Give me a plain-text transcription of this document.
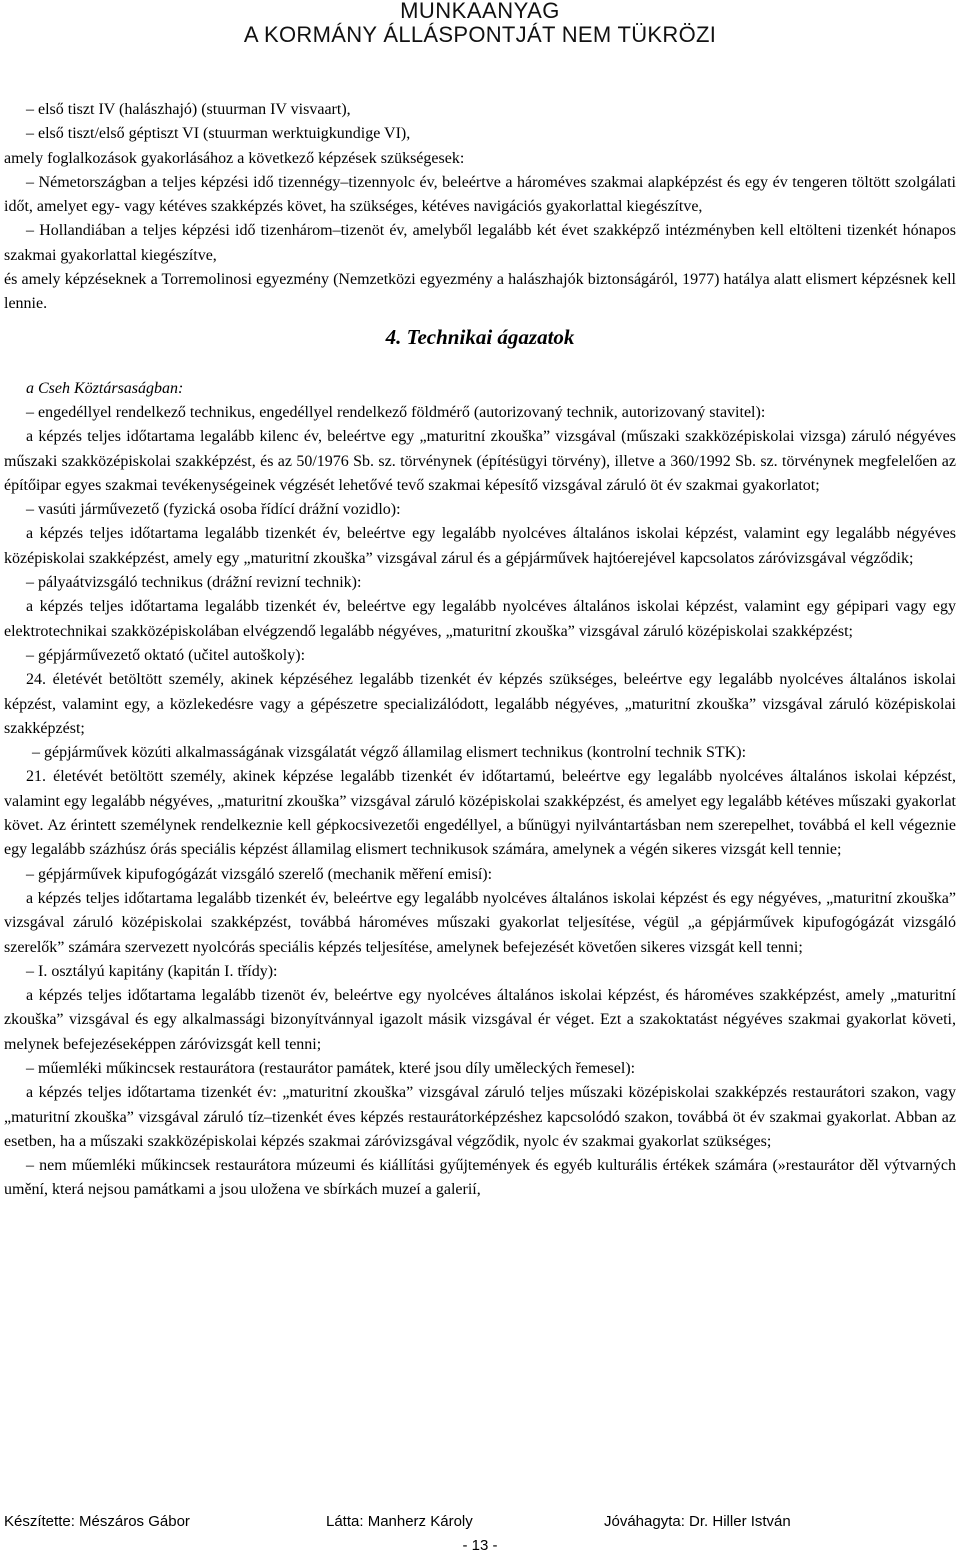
MUNKAANYAG
A KORMÁNY ÁLLÁSPONTJÁT NEM TÜKRÖZI

– első tiszt IV (halászhajó) (stuurman IV visvaart),

– első tiszt/első géptiszt VI (stuurman werktuigkundige VI),

amely foglalkozások gyakorlásához a következő képzések szükségesek:

– Németországban a teljes képzési idő tizennégy–tizennyolc év, beleértve a hároméves szakmai alapképzést és egy év tengeren töltött szolgálati időt, amelyet egy- vagy kétéves szakképzés követ, ha szükséges, kétéves navigációs gyakorlattal kiegészítve,

– Hollandiában a teljes képzési idő tizenhárom–tizenöt év, amelyből legalább két évet szakképző intézményben kell eltölteni tizenkét hónapos szakmai gyakorlattal kiegészítve,

és amely képzéseknek a Torremolinosi egyezmény (Nemzetközi egyezmény a halászhajók biztonságáról, 1977) hatálya alatt elismert képzésnek kell lennie.

4. Technikai ágazatok
a Cseh Köztársaságban:

– engedéllyel rendelkező technikus, engedéllyel rendelkező földmérő (autorizovaný technik, autorizovaný stavitel):

a képzés teljes időtartama legalább kilenc év, beleértve egy „maturitní zkouška” vizsgával (műszaki szakközépiskolai vizsga) záruló négyéves műszaki szakközépiskolai szakképzést, és az 50/1976 Sb. sz. törvénynek (építésügyi törvény), illetve a 360/1992 Sb. sz. törvénynek megfelelően az építőipar egyes szakmai tevékenységeinek végzését lehetővé tevő szakmai képesítő vizsgával záruló öt év szakmai gyakorlatot;

– vasúti járművezető (fyzická osoba řídící drážní vozidlo):

a képzés teljes időtartama legalább tizenkét év, beleértve egy legalább nyolcéves általános iskolai képzést, valamint egy legalább négyéves középiskolai szakképzést, amely egy „maturitní zkouška” vizsgával zárul és a gépjárművek hajtóerejével kapcsolatos záróvizsgával végződik;

– pályaátvizsgáló technikus (drážní revizní technik):

a képzés teljes időtartama legalább tizenkét év, beleértve egy legalább nyolcéves általános iskolai képzést, valamint egy gépipari vagy egy elektrotechnikai szakközépiskolában elvégzendő legalább négyéves, „maturitní zkouška” vizsgával záruló középiskolai szakképzést;

– gépjárművezető oktató (učitel autoškoly):

24. életévét betöltött személy, akinek képzéséhez legalább tizenkét év képzés szükséges, beleértve egy legalább nyolcéves általános iskolai képzést, valamint egy, a közlekedésre vagy a gépészetre specializálódott, legalább négyéves, „maturitní zkouška” vizsgával záruló középiskolai szakképzést;

– gépjárművek közúti alkalmasságának vizsgálatát végző államilag elismert technikus (kontrolní technik STK):

21. életévét betöltött személy, akinek képzése legalább tizenkét év időtartamú, beleértve egy legalább nyolcéves általános iskolai képzést, valamint egy legalább négyéves, „maturitní zkouška” vizsgával záruló középiskolai szakképzést, és amelyet egy legalább kétéves műszaki gyakorlat követ. Az érintett személynek rendelkeznie kell gépkocsivezetői engedéllyel, a bűnügyi nyilvántartásban nem szerepelhet, továbbá el kell végeznie egy legalább százhúsz órás speciális képzést államilag elismert technikusok számára, amelynek a végén sikeres vizsgát kell tennie;

– gépjárművek kipufogógázát vizsgáló szerelő (mechanik měření emisí):

a képzés teljes időtartama legalább tizenkét év, beleértve egy legalább nyolcéves általános iskolai képzést és egy négyéves, „maturitní zkouška” vizsgával záruló középiskolai szakképzést, továbbá hároméves műszaki gyakorlat teljesítése, végül „a gépjárművek kipufogógázát vizsgáló szerelők” számára szervezett nyolcórás speciális képzés teljesítése, amelynek befejezését követően sikeres vizsgát kell tenni;

– I. osztályú kapitány (kapitán I. třídy):

a képzés teljes időtartama legalább tizenöt év, beleértve egy nyolcéves általános iskolai képzést, és hároméves szakképzést, amely „maturitní zkouška” vizsgával és egy alkalmassági bizonyítvánnyal igazolt másik vizsgával ér véget. Ezt a szakoktatást négyéves szakmai gyakorlat követi, melynek befejezéseképpen záróvizsgát kell tenni;

– műemléki műkincsek restaurátora (restaurátor památek, které jsou díly uměleckých řemesel):

a képzés teljes időtartama tizenkét év: „maturitní zkouška” vizsgával záruló teljes műszaki középiskolai szakképzés restaurátori szakon, vagy „maturitní zkouška” vizsgával záruló tíz–tizenkét éves képzés restaurátorképzéshez kapcsolódó szakon, továbbá öt év szakmai gyakorlat. Abban az esetben, ha a műszaki szakközépiskolai képzés szakmai záróvizsgával végződik, nyolc év szakmai gyakorlat szükséges;

– nem műemléki műkincsek restaurátora múzeumi és kiállítási gyűjtemények és egyéb kulturális értékek számára (»restaurátor děl výtvarných umění, která nejsou památkami a jsou uložena ve sbírkách muzeí a galerií,

Készítette: Mészáros Gábor	Látta: Manherz Károly	Jóváhagyta: Dr. Hiller István
- 13 -
